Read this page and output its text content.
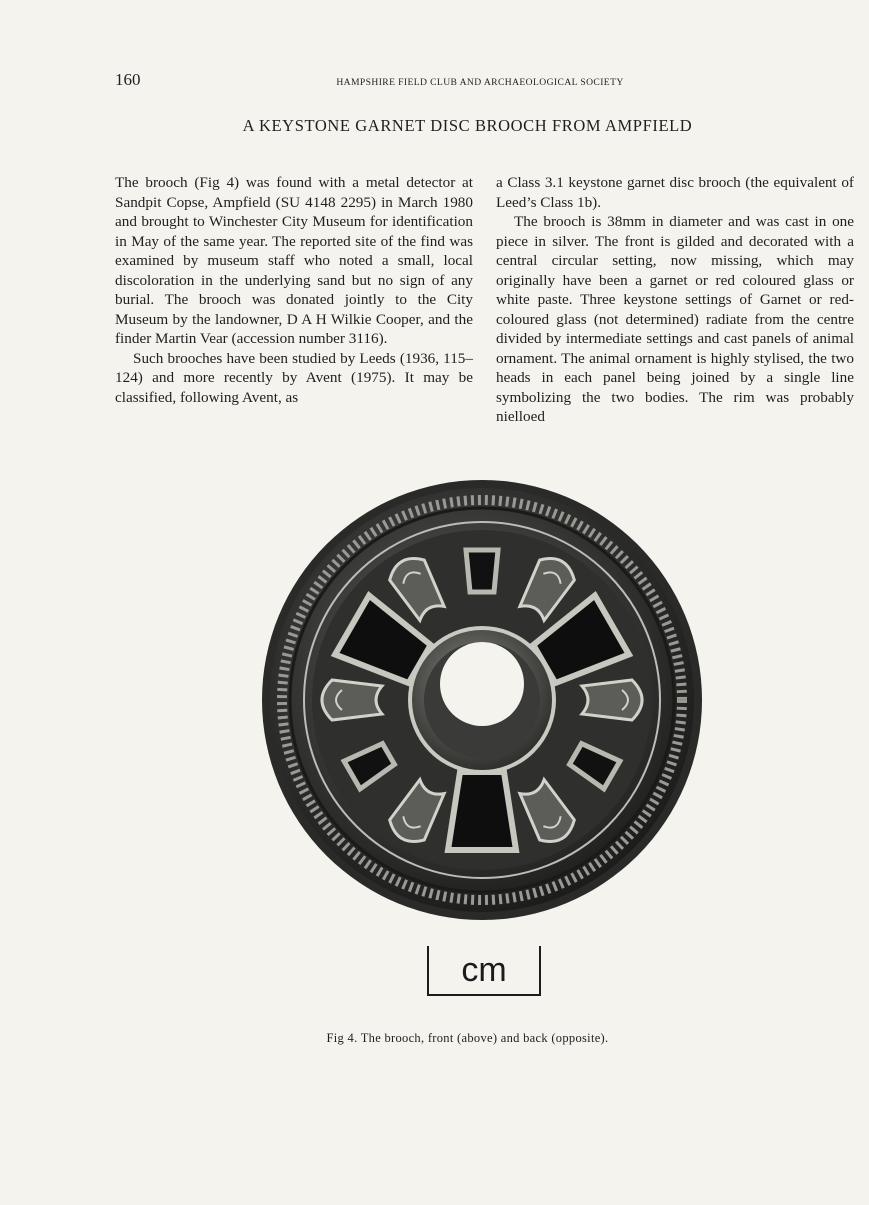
160	HAMPSHIRE FIELD CLUB AND ARCHAEOLOGICAL SOCIETY
A KEYSTONE GARNET DISC BROOCH FROM AMPFIELD

The brooch (Fig 4) was found with a metal detector at Sandpit Copse, Ampfield (SU 4148 2295) in March 1980 and brought to Winchester City Museum for identification in May of the same year. The reported site of the find was examined by museum staff who noted a small, local discoloration in the underlying sand but no sign of any burial. The brooch was donated jointly to the City Museum by the landowner, D A H Wilkie Cooper, and the finder Martin Vear (accession number 3116).

Such brooches have been studied by Leeds (1936, 115–124) and more recently by Avent (1975). It may be classified, following Avent, as

a Class 3.1 keystone garnet disc brooch (the equivalent of Leed’s Class 1b).

The brooch is 38mm in diameter and was cast in one piece in silver. The front is gilded and decorated with a central circular setting, now missing, which may originally have been a garnet or red coloured glass or white paste. Three keystone settings of Garnet or red-coloured glass (not determined) radiate from the centre divided by intermediate settings and cast panels of animal ornament. The animal ornament is highly stylised, the two heads in each panel being joined by a single line symbolizing the two bodies. The rim was probably nielloed

cm
Fig 4. The brooch, front (above) and back (opposite).
